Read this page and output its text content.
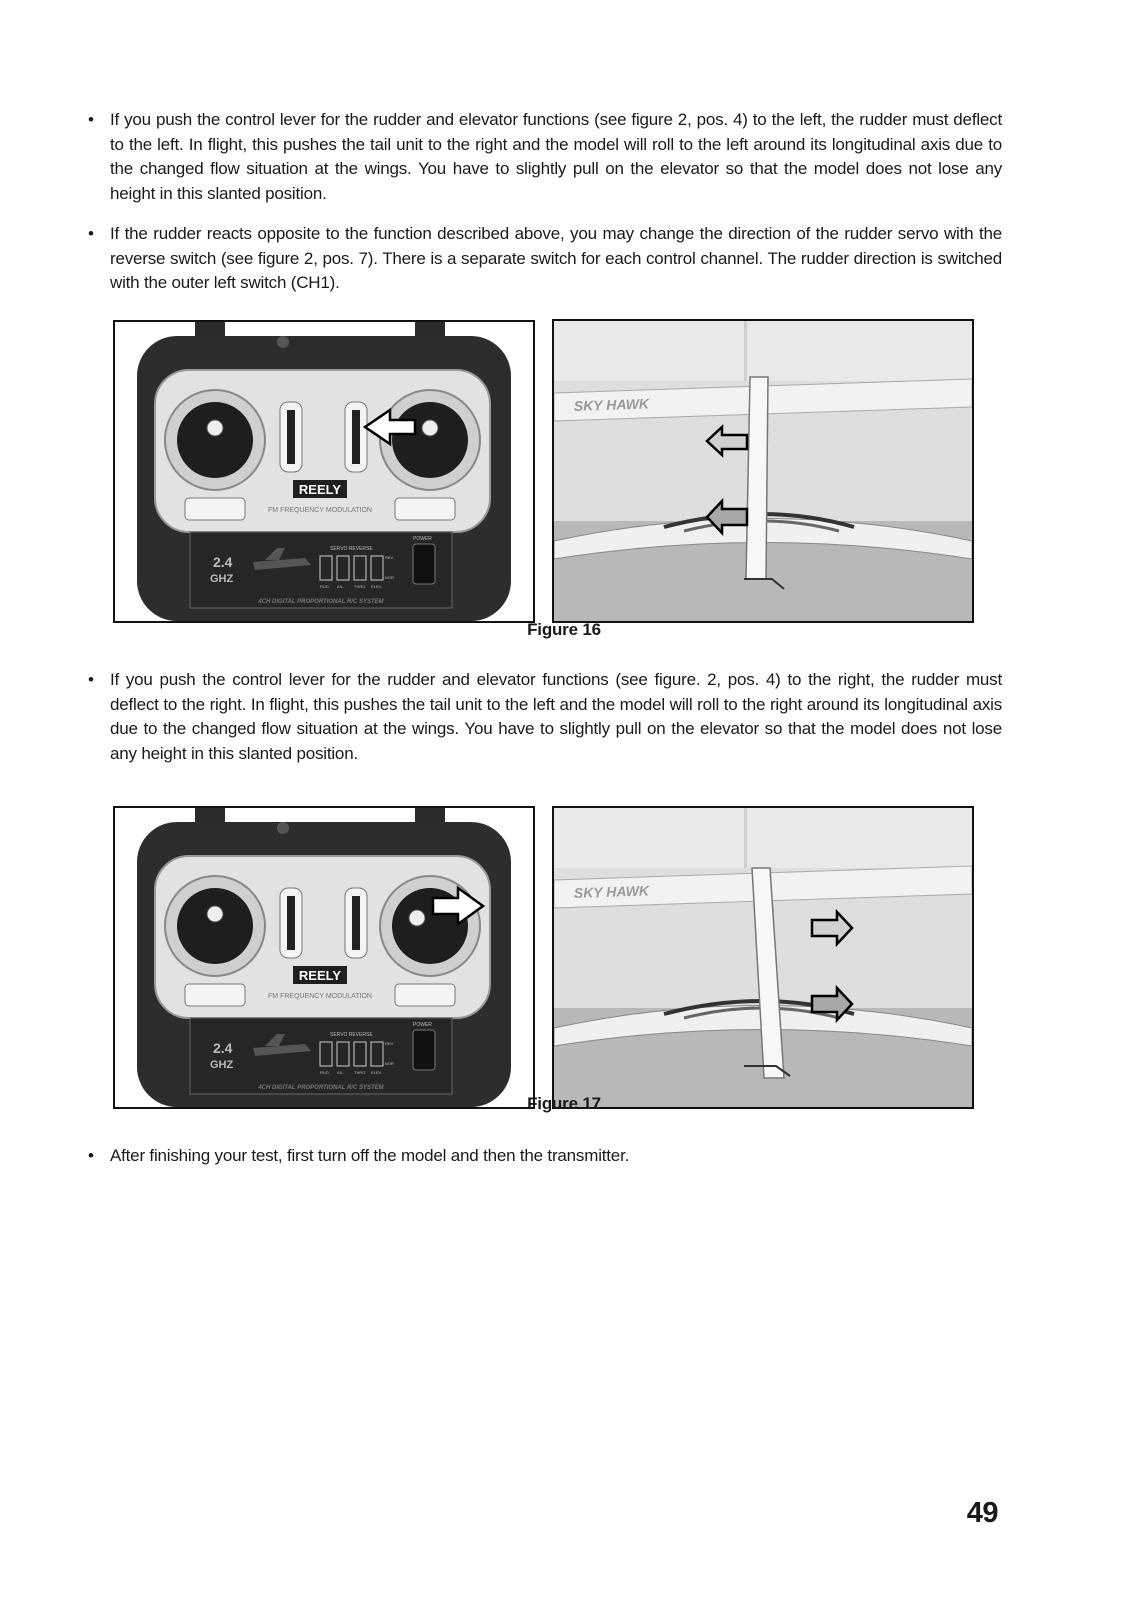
• If you push the control lever for the rudder and elevator functions (see figure 2, pos. 4) to the left, the rudder must deflect to the left. In flight, this pushes the tail unit to the right and the model will roll to the left around its longitudinal axis due to the changed flow situation at the wings. You have to slightly pull on the elevator so that the model does not lose any height in this slanted position.
• If the rudder reacts opposite to the function described above, you may change the direction of the rudder servo with the reverse switch (see figure 2, pos. 7). There is a separate switch for each control channel. The rudder direction is switched with the outer left switch (CH1).
REELY
FM FREQUENCY MODULATION
2.4
GHZ
SERVO REVERSE
POWER
REV
NOR
RUD. AIL. THRO ELEV.
4CH DIGITAL PROPORTIONAL R/C SYSTEM
SKY HAWK
Figure 16
• If you push the control lever for the rudder and elevator functions (see figure. 2, pos. 4) to the right, the rudder must deflect to the right. In flight, this pushes the tail unit to the left and the model will roll to the right around its longitudinal axis due to the changed flow situation at the wings. You have to slightly pull on the elevator so that the model does not lose any height in this slanted position.
REELY
FM FREQUENCY MODULATION
2.4
GHZ
SERVO REVERSE
POWER
REV
NOR
RUD. AIL. THRO ELEV.
4CH DIGITAL PROPORTIONAL R/C SYSTEM
SKY HAWK
Figure 17
• After finishing your test, first turn off the model and then the transmitter.
49
